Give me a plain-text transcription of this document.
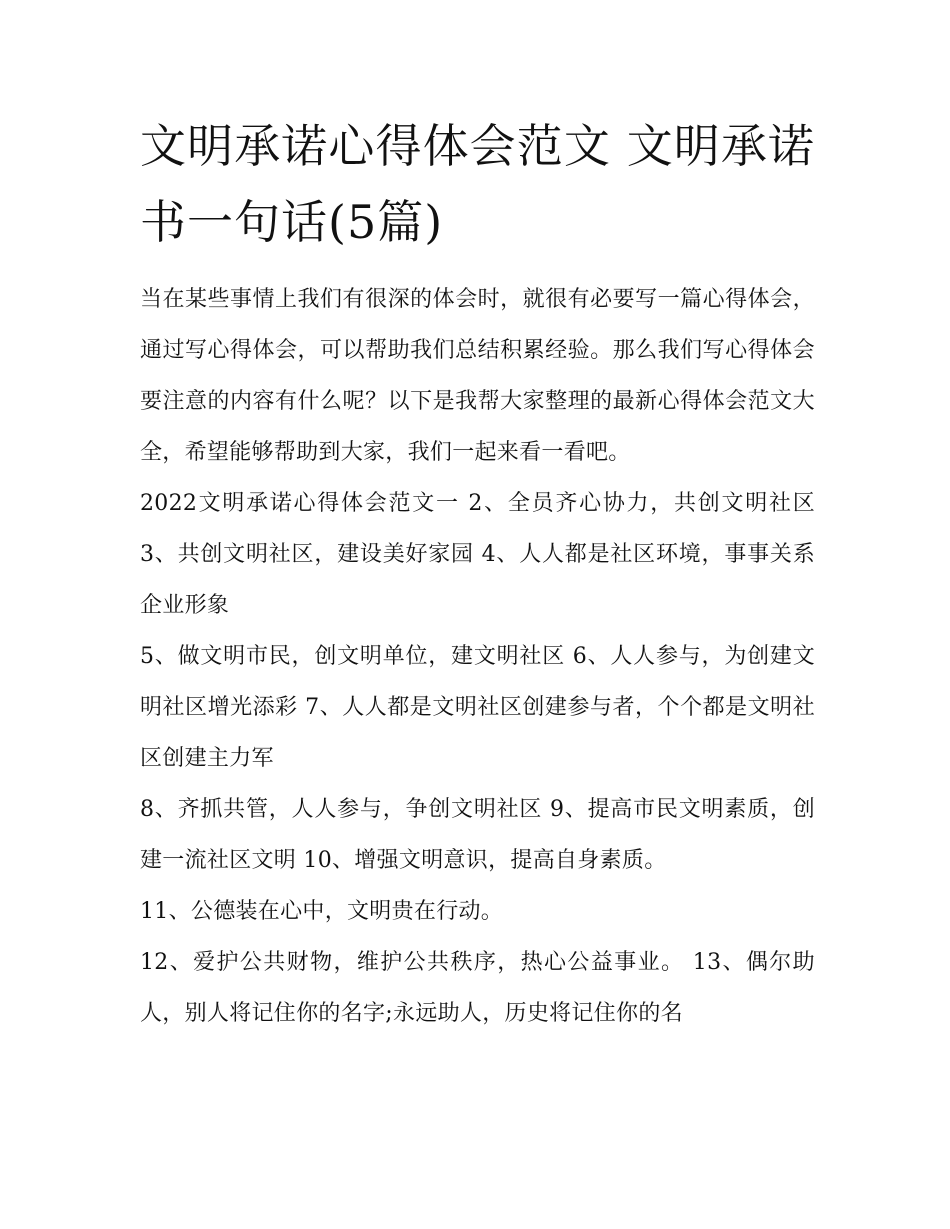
文明承诺心得体会范文 文明承诺书一句话(5篇)

当在某些事情上我们有很深的体会时，就很有必要写一篇心得体会，通过写心得体会，可以帮助我们总结积累经验。那么我们写心得体会要注意的内容有什么呢？以下是我帮大家整理的最新心得体会范文大全，希望能够帮助到大家，我们一起来看一看吧。

2022文明承诺心得体会范文一 2、全员齐心协力，共创文明社区 3、共创文明社区，建设美好家园 4、人人都是社区环境，事事关系企业形象

5、做文明市民，创文明单位，建文明社区 6、人人参与，为创建文明社区增光添彩 7、人人都是文明社区创建参与者，个个都是文明社区创建主力军

8、齐抓共管，人人参与，争创文明社区 9、提高市民文明素质，创建一流社区文明 10、增强文明意识，提高自身素质。

11、公德装在心中，文明贵在行动。

12、爱护公共财物，维护公共秩序，热心公益事业。 13、偶尔助人，别人将记住你的名字;永远助人，历史将记住你的名
